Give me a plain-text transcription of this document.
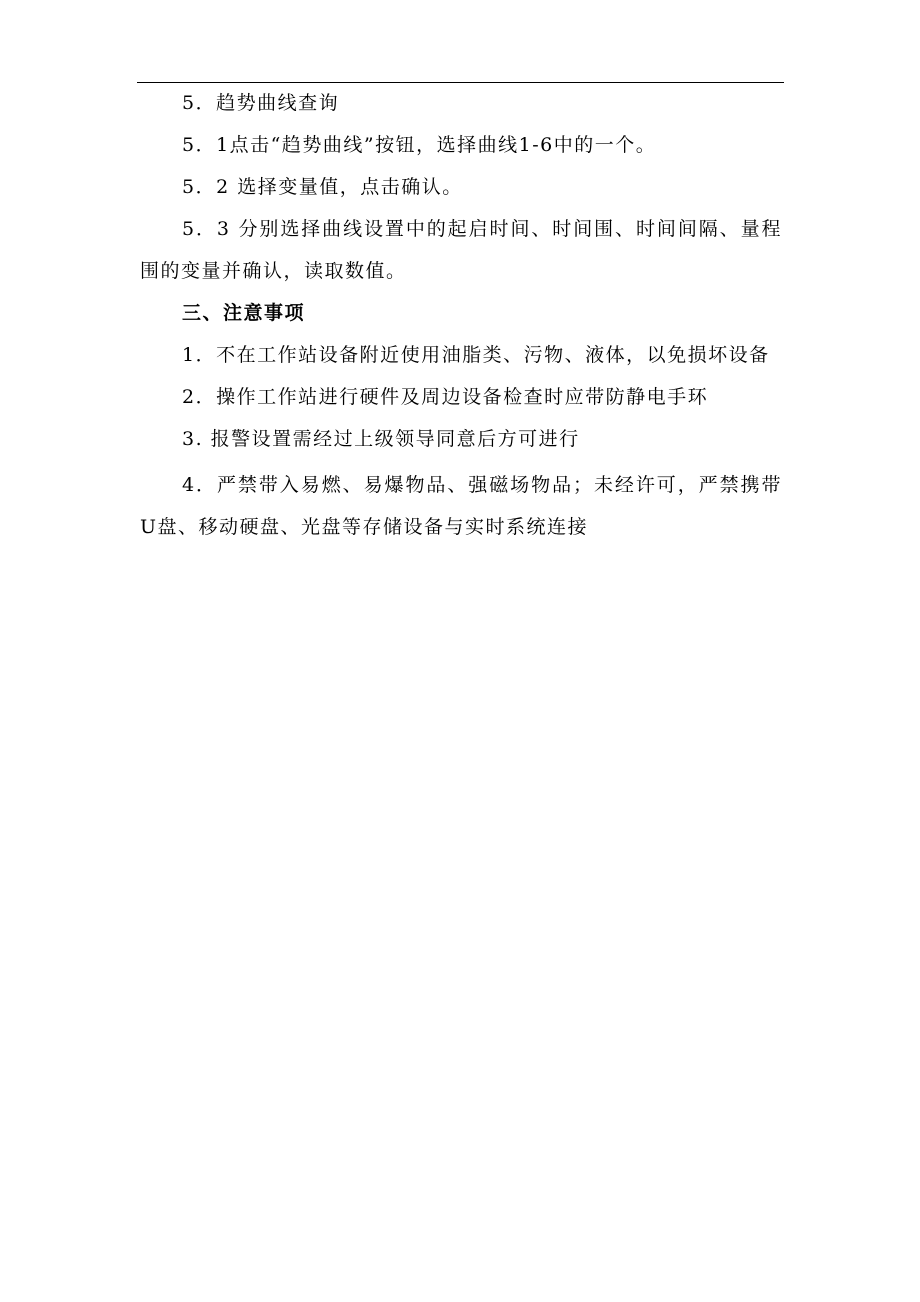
5．趋势曲线查询

5．1点击“趋势曲线”按钮，选择曲线1-6中的一个。

5．2 选择变量值，点击确认。

5．3 分别选择曲线设置中的起启时间、时间围、时间间隔、量程围的变量并确认，读取数值。

三、注意事项

1．不在工作站设备附近使用油脂类、污物、液体，以免损坏设备

2．操作工作站进行硬件及周边设备检查时应带防静电手环

3. 报警设置需经过上级领导同意后方可进行

4．严禁带入易燃、易爆物品、强磁场物品；未经许可，严禁携带U盘、移动硬盘、光盘等存储设备与实时系统连接
